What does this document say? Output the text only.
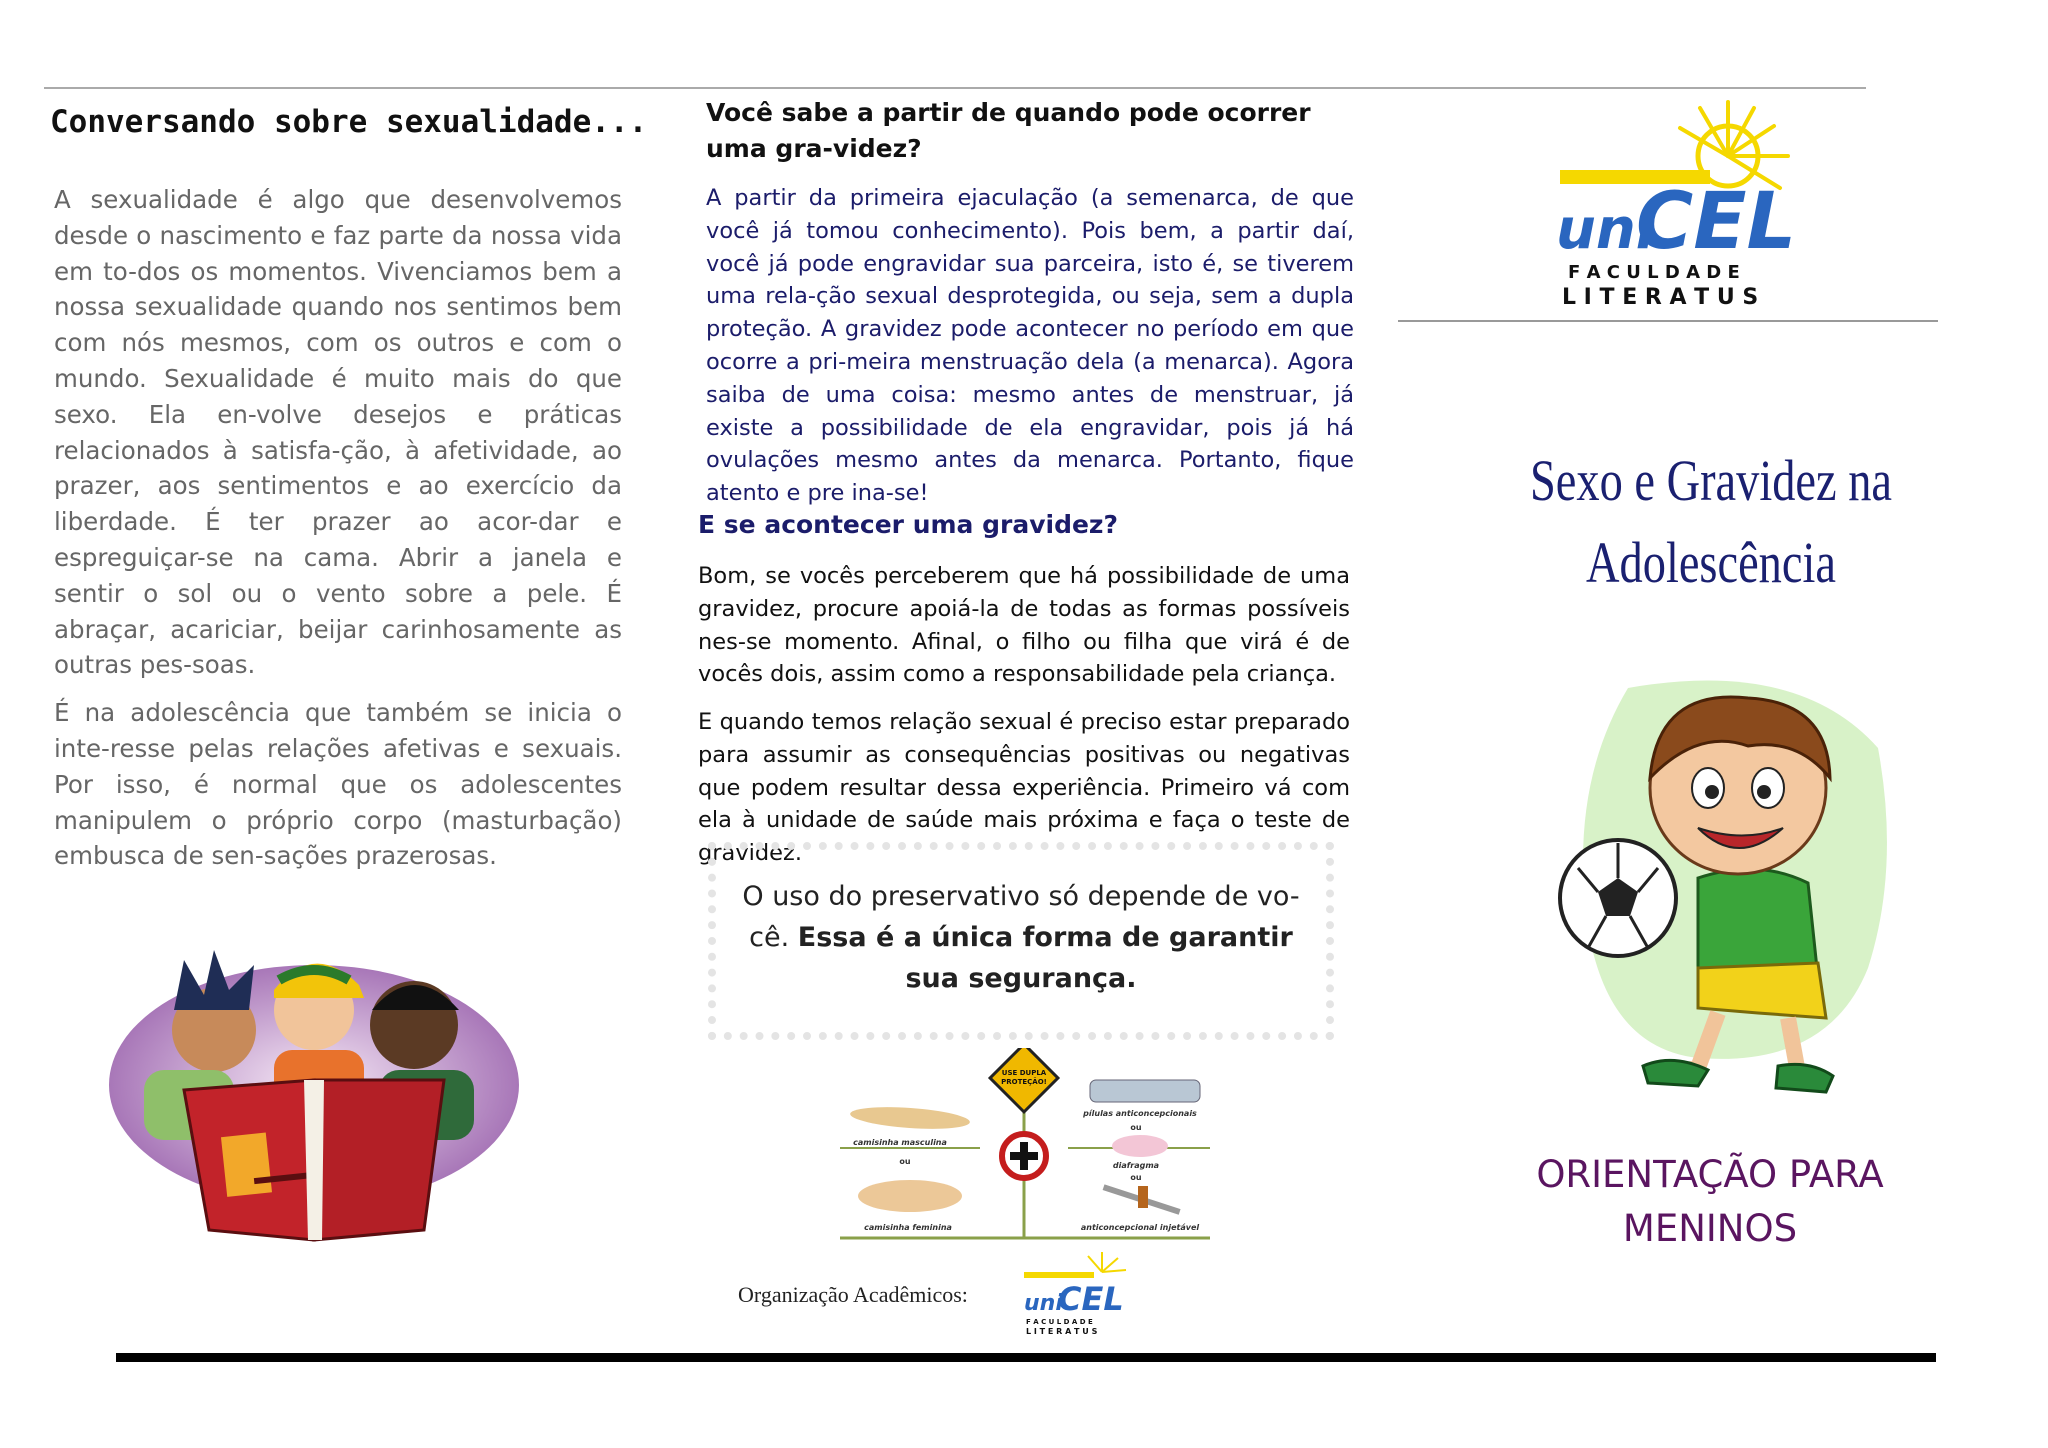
Conversando sobre sexualidade...

A sexualidade é algo que desenvolvemos desde o nascimento e faz parte da nossa vida em to-dos os momentos. Vivenciamos bem a nossa sexualidade quando nos sentimos bem com nós mesmos, com os outros e com o mundo. Sexualidade é muito mais do que sexo. Ela en-volve desejos e práticas relacionados à satisfa-ção, à afetividade, ao prazer, aos sentimentos e ao exercício da liberdade. É ter prazer ao acor-dar e espreguiçar-se na cama. Abrir a janela e sentir o sol ou o vento sobre a pele. É abraçar, acariciar, beijar carinhosamente as outras pes-soas.

É na adolescência que também se inicia o inte-resse pelas relações afetivas e sexuais. Por isso, é normal que os adolescentes manipulem o próprio corpo (masturbação) embusca de sen-sações prazerosas.

Você sabe a partir de quando pode ocorrer uma gra-videz?
A partir da primeira ejaculação (a semenarca, de que você já tomou conhecimento). Pois bem, a partir daí, você já pode engravidar sua parceira, isto é, se tiverem uma rela-ção sexual desprotegida, ou seja, sem a dupla proteção. A gravidez pode acontecer no período em que ocorre a pri-meira menstruação dela (a menarca). Agora saiba de uma coisa: mesmo antes de menstruar, já existe a possibilidade de ela engravidar, pois já há ovulações mesmo antes da menarca. Portanto, fique atento e pre ina-se!
E se acontecer uma gravidez?
Bom, se vocês perceberem que há possibilidade de uma gravidez, procure apoiá-la de todas as formas possíveis nes-se momento. Afinal, o filho ou filha que virá é de vocês dois, assim como a responsabilidade pela criança.
E quando temos relação sexual é preciso estar preparado para assumir as consequências positivas ou negativas que podem resultar dessa experiência. Primeiro vá com ela à unidade de saúde mais próxima e faça o teste de gravidez.
O uso do preservativo só depende de vo-cê. Essa é a única forma de garantir sua segurança.
USE DUPLA
PROTEÇÃO!
camisinha masculina
ou
camisinha feminina
pílulas anticoncepcionais
ou
diafragma
ou
anticoncepcional injetável
Organização Acadêmicos:	uni
CEL
F A C U L D A D E
L I T E R A T U S
uni
CEL
F A C U L D A D E
L I T E R A T U S
Sexo e Gravidez na
Adolescência
ORIENTAÇÃO PARA
MENINOS
